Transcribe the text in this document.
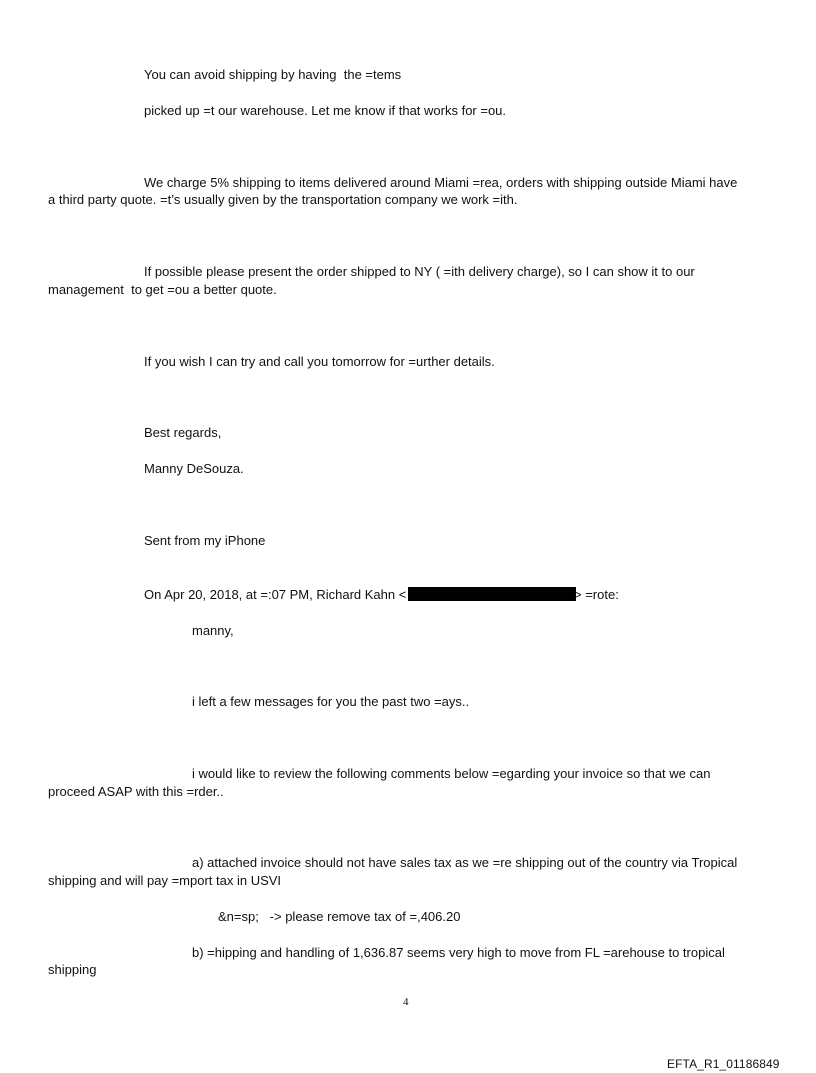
You can avoid shipping by having  the =tems
picked up =t our warehouse. Let me know if that works for =ou.
We charge 5% shipping to items delivered around Miami =rea, orders with shipping outside Miami have
a third party quote. =t’s usually given by the transportation company we work =ith.
If possible please present the order shipped to NY ( =ith delivery charge), so I can show it to our
management  to get =ou a better quote.
If you wish I can try and call you tomorrow for =urther details.
Best regards,
Manny DeSouza.
Sent from my iPhone
On Apr 20, 2018, at =:07 PM, Richard Kahn <	> =rote:
manny,
i left a few messages for you the past two =ays..
i would like to review the following comments below =egarding your invoice so that we can
proceed ASAP with this =rder..
a) attached invoice should not have sales tax as we =re shipping out of the country via Tropical
shipping and will pay =mport tax in USVI
&n=sp;   -> please remove tax of =,406.20
b) =hipping and handling of 1,636.87 seems very high to move from FL =arehouse to tropical
shipping
4
EFTA_R1_01186849
